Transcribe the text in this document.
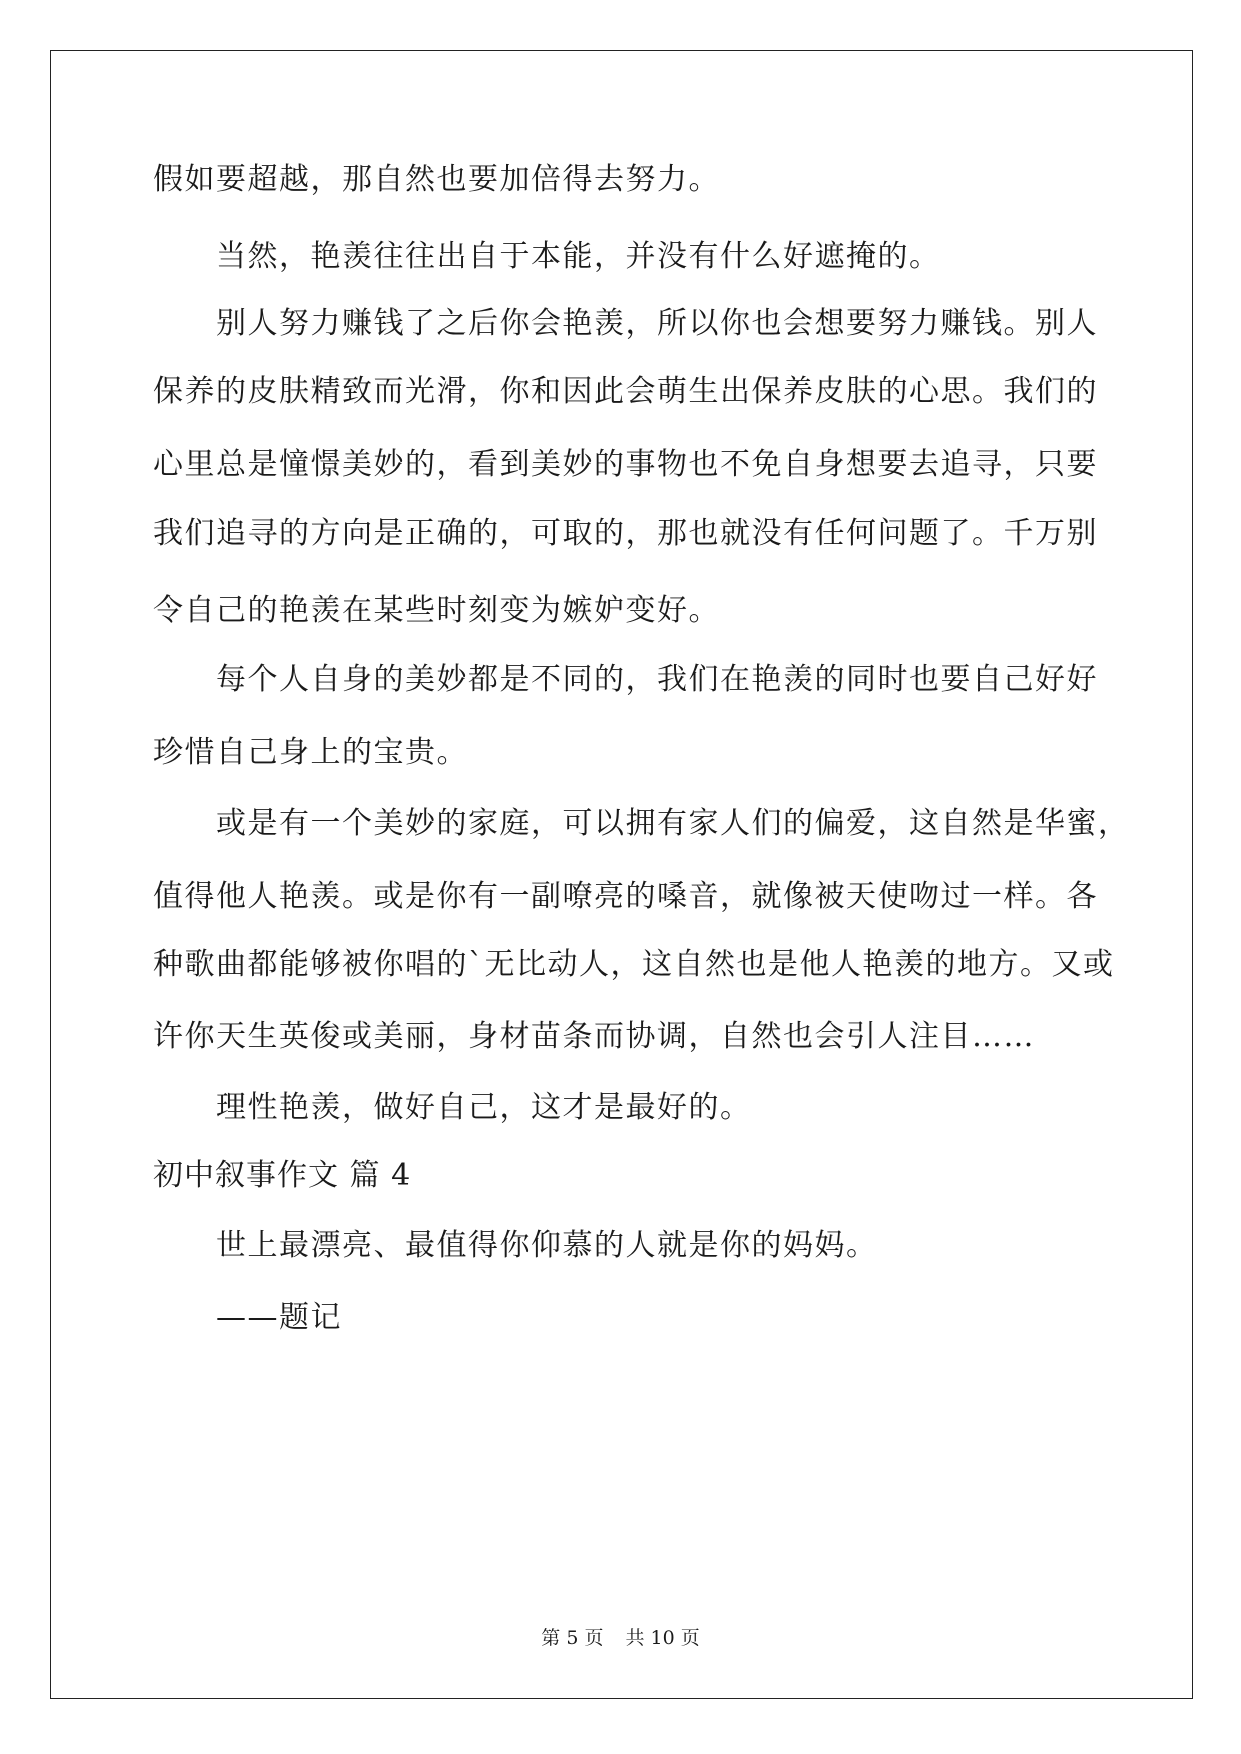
假如要超越，那自然也要加倍得去努力。
当然，艳羡往往出自于本能，并没有什么好遮掩的。
别人努力赚钱了之后你会艳羡，所以你也会想要努力赚钱。别人
保养的皮肤精致而光滑，你和因此会萌生出保养皮肤的心思。我们的
心里总是憧憬美妙的，看到美妙的事物也不免自身想要去追寻，只要
我们追寻的方向是正确的，可取的，那也就没有任何问题了。千万别
令自己的艳羡在某些时刻变为嫉妒变好。
每个人自身的美妙都是不同的，我们在艳羡的同时也要自己好好
珍惜自己身上的宝贵。
或是有一个美妙的家庭，可以拥有家人们的偏爱，这自然是华蜜，
值得他人艳羡。或是你有一副嘹亮的嗓音，就像被天使吻过一样。各
种歌曲都能够被你唱的`无比动人，这自然也是他人艳羡的地方。又或
许你天生英俊或美丽，身材苗条而协调，自然也会引人注目……
理性艳羡，做好自己，这才是最好的。
初中叙事作文 篇 4
世上最漂亮、最值得你仰慕的人就是你的妈妈。
——题记
第 5 页 共 10 页
